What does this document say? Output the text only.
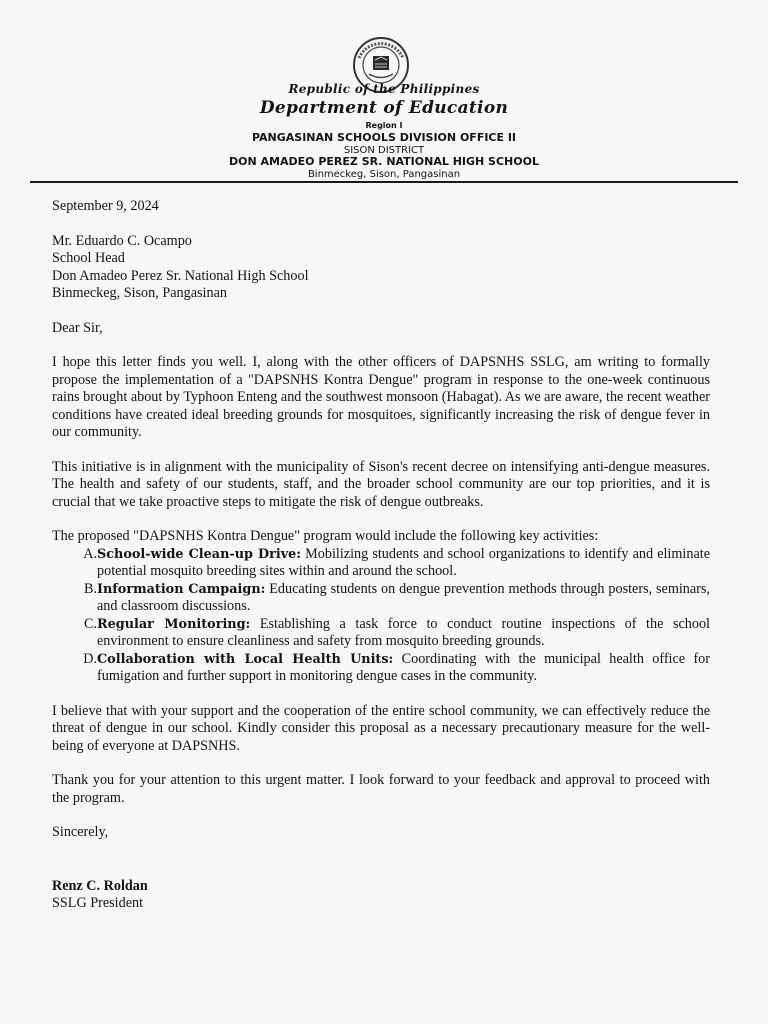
Republic of the Philippines
Department of Education
Region I
PANGASINAN SCHOOLS DIVISION OFFICE II
SISON DISTRICT
DON AMADEO PEREZ SR. NATIONAL HIGH SCHOOL
Binmeckeg, Sison, Pangasinan

September 9, 2024

Mr. Eduardo C. Ocampo

School Head

Don Amadeo Perez Sr. National High School

Binmeckeg, Sison, Pangasinan

Dear Sir,

I hope this letter finds you well. I, along with the other officers of DAPSNHS SSLG, am writing to formally propose the implementation of a "DAPSNHS Kontra Dengue" program in response to the one-week continuous rains brought about by Typhoon Enteng and the southwest monsoon (Habagat). As we are aware, the recent weather conditions have created ideal breeding grounds for mosquitoes, significantly increasing the risk of dengue fever in our community.

This initiative is in alignment with the municipality of Sison's recent decree on intensifying anti-dengue measures. The health and safety of our students, staff, and the broader school community are our top priorities, and it is crucial that we take proactive steps to mitigate the risk of dengue outbreaks.

The proposed "DAPSNHS Kontra Dengue" program would include the following key activities:

A. School-wide Clean-up Drive: Mobilizing students and school organizations to identify and eliminate potential mosquito breeding sites within and around the school.
B. Information Campaign: Educating students on dengue prevention methods through posters, seminars, and classroom discussions.
C. Regular Monitoring: Establishing a task force to conduct routine inspections of the school environment to ensure cleanliness and safety from mosquito breeding grounds.
D. Collaboration with Local Health Units: Coordinating with the municipal health office for fumigation and further support in monitoring dengue cases in the community.

I believe that with your support and the cooperation of the entire school community, we can effectively reduce the threat of dengue in our school. Kindly consider this proposal as a necessary precautionary measure for the well-being of everyone at DAPSNHS.

Thank you for your attention to this urgent matter. I look forward to your feedback and approval to proceed with the program.

Sincerely,

Renz C. Roldan

SSLG President
